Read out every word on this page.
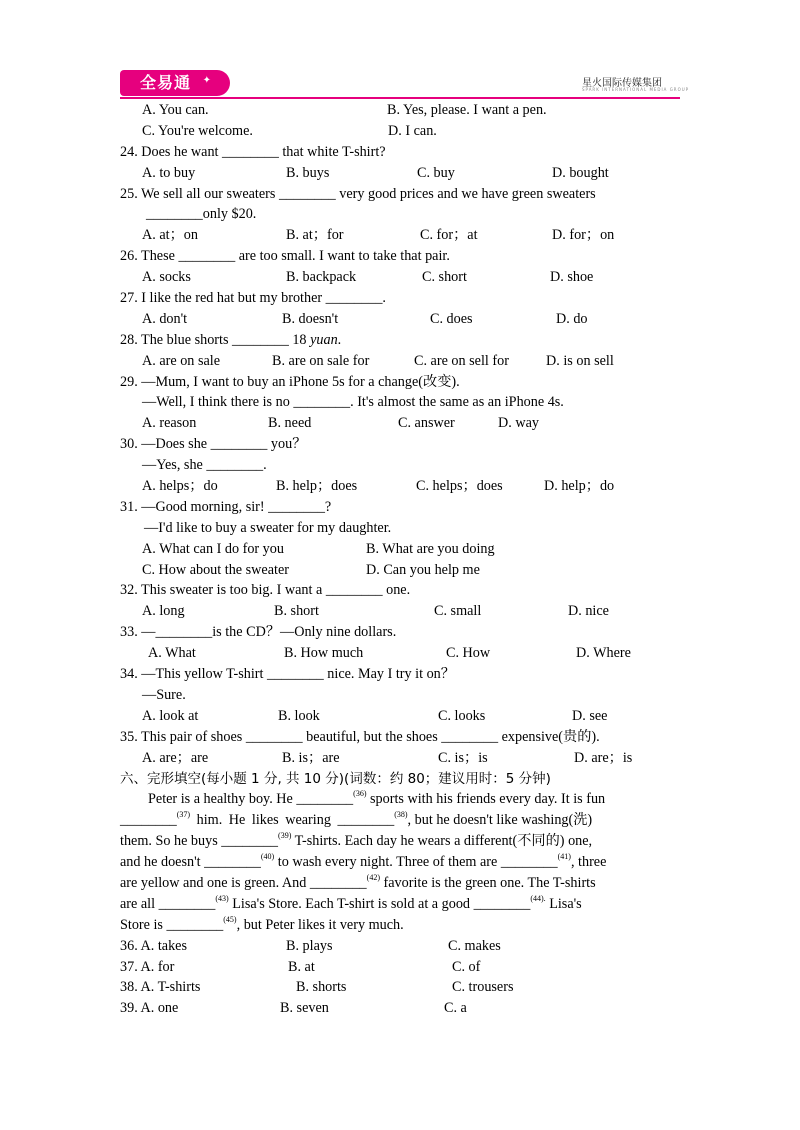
全易通 ✦	星火国际传媒集团
SPARK INTERNATIONAL MEDIA GROUP
A. You can.	B. Yes, please. I want a pen.
C. You're welcome.	D. I can.
24. Does he want ________ that white T-shirt?
A. to buy	B. buys	C. buy	D. bought
25. We sell all our sweaters ________ very good prices and we have green sweaters
________only $20.
A. at；on	B. at；for	C. for；at	D. for；on
26. These ________ are too small. I want to take that pair.
A. socks	B. backpack	C. short	D. shoe
27. I like the red hat but my brother ________.
A. don't	B. doesn't	C. does	D. do
28. The blue shorts ________ 18 yuan.
A. are on sale	B. are on sale for	C. are on sell for	D. is on sell
29. —Mum, I want to buy an iPhone 5s for a change(改变).
—Well, I think there is no ________. It's almost the same as an iPhone 4s.
A. reason	B. need	C. answer	D. way
30. —Does she ________ you？
—Yes, she ________.
A. helps；do	B. help；does	C. helps；does	D. help；do
31. —Good morning, sir! ________?
—I'd like to buy a sweater for my daughter.
A. What can I do for you	B. What are you doing
C. How about the sweater	D. Can you help me
32. This sweater is too big. I want a ________ one.
A. long	B. short	C. small	D. nice
33. —________is the CD？—Only nine dollars.
A. What	B. How much	C. How	D. Where
34. —This yellow T-shirt ________ nice. May I try it on？
—Sure.
A. look at	B. look	C. looks	D. see
35. This pair of shoes ________ beautiful, but the shoes ________ expensive(贵的).
A. are；are	B. is；are	C. is；is	D. are；is
六、完形填空(每小题 1 分, 共 10 分)(词数：约 80；建议用时：5 分钟)
Peter is a healthy boy. He ________$^{(36)}$ sports with his friends every day. It is fun
________$^{(37)}$ him. He likes wearing ________$^{(38)}$, but he doesn't like washing(洗)
them. So he buys ________$^{(39)}$ T-shirts. Each day he wears a different(不同的) one,
and he doesn't ________$^{(40)}$ to wash every night. Three of them are ________$^{(41)}$, three
are yellow and one is green. And ________$^{(42)}$ favorite is the green one. The T-shirts
are all ________$^{(43)}$ Lisa's Store. Each T-shirt is sold at a good ________$^{(44).}$ Lisa's
Store is ________$^{(45)}$, but Peter likes it very much.
36. A. takes	B. plays	C. makes
37. A. for	B. at	C. of
38. A. T-shirts	B. shorts	C. trousers
39. A. one	B. seven	C. a
